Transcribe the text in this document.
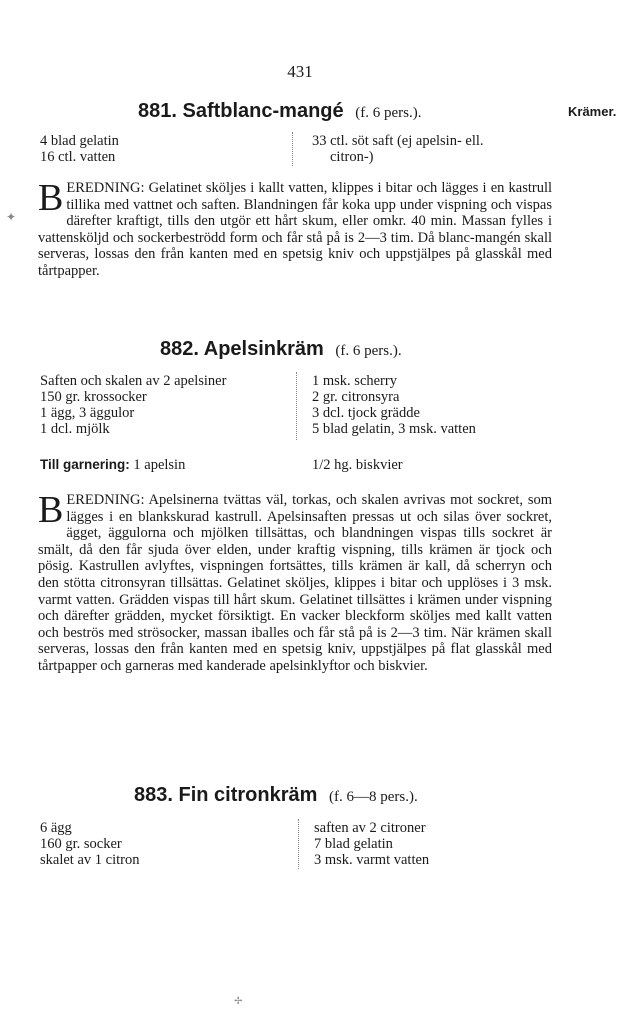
431
881. Saftblanc-mangé (f. 6 pers.).	Krämer.
4 blad gelatin
16 ctl. vatten
33 ctl. söt saft (ej apelsin- ell.
citron-)
BEREDNING: Gelatinet sköljes i kallt vatten, klippes i bitar och lägges i en kastrull tillika med vattnet och saften. Blandningen får koka upp under vispning och vispas därefter kraftigt, tills den utgör ett hårt skum, eller omkr. 40 min. Massan fylles i vattensköljd och sockerbeströdd form och får stå på is 2—3 tim. Då blanc-mangén skall serveras, lossas den från kanten med en spetsig kniv och uppstjälpes på glasskål med tårtpapper.
882. Apelsinkräm (f. 6 pers.).
Saften och skalen av 2 apelsiner
150 gr. krossocker
1 ägg, 3 äggulor
1 dcl. mjölk
1 msk. scherry
2 gr. citronsyra
3 dcl. tjock grädde
5 blad gelatin, 3 msk. vatten
Till garnering: 1 apelsin	1/2 hg. biskvier
BEREDNING: Apelsinerna tvättas väl, torkas, och skalen avrivas mot sockret, som lägges i en blankskurad kastrull. Apelsinsaften pressas ut och silas över sockret, ägget, äggulorna och mjölken tillsättas, och blandningen vispas tills sockret är smält, då den får sjuda över elden, under kraftig vispning, tills krämen är tjock och pösig. Kastrullen avlyftes, vispningen fortsättes, tills krämen är kall, då scherryn och den stötta citronsyran tillsättas. Gelatinet sköljes, klippes i bitar och upplöses i 3 msk. varmt vatten. Grädden vispas till hårt skum. Gelatinet tillsättes i krämen under vispning och därefter grädden, mycket försiktigt. En vacker bleckform sköljes med kallt vatten och beströs med strösocker, massan iballes och får stå på is 2—3 tim. När krämen skall serveras, lossas den från kanten med en spetsig kniv, uppstjälpes på flat glasskål med tårtpapper och garneras med kanderade apelsinklyftor och biskvier.
883. Fin citronkräm (f. 6—8 pers.).
6 ägg
160 gr. socker
skalet av 1 citron
saften av 2 citroner
7 blad gelatin
3 msk. varmt vatten
✦
✢
